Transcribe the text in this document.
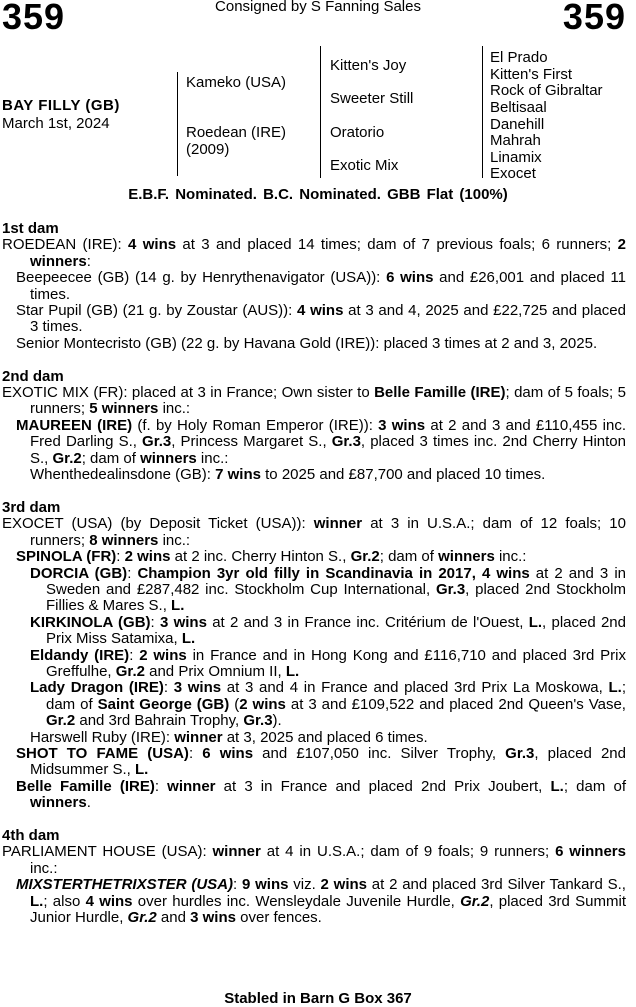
359	Consigned by S Fanning Sales	359
BAY FILLY (GB)
March 1st, 2024
Kameko (USA)
Roedean (IRE)
(2009)
Kitten's Joy
Sweeter Still
Oratorio
Exotic Mix
El Prado
Kitten's First
Rock of Gibraltar
Beltisaal
Danehill
Mahrah
Linamix
Exocet
E.B.F. Nominated. B.C. Nominated. GBB Flat (100%)

1st dam

ROEDEAN (IRE): 4 wins at 3 and placed 14 times; dam of 7 previous foals; 6 runners; 2 winners:

Beepeecee (GB) (14 g. by Henrythenavigator (USA)): 6 wins and £26,001 and placed 11 times.

Star Pupil (GB) (21 g. by Zoustar (AUS)): 4 wins at 3 and 4, 2025 and £22,725 and placed 3 times.

Senior Montecristo (GB) (22 g. by Havana Gold (IRE)): placed 3 times at 2 and 3, 2025.

2nd dam

EXOTIC MIX (FR): placed at 3 in France; Own sister to Belle Famille (IRE); dam of 5 foals; 5 runners; 5 winners inc.:

MAUREEN (IRE) (f. by Holy Roman Emperor (IRE)): 3 wins at 2 and 3 and £110,455 inc. Fred Darling S., Gr.3, Princess Margaret S., Gr.3, placed 3 times inc. 2nd Cherry Hinton S., Gr.2; dam of winners inc.:

Whenthedealinsdone (GB): 7 wins to 2025 and £87,700 and placed 10 times.

3rd dam

EXOCET (USA) (by Deposit Ticket (USA)): winner at 3 in U.S.A.; dam of 12 foals; 10 runners; 8 winners inc.:

SPINOLA (FR): 2 wins at 2 inc. Cherry Hinton S., Gr.2; dam of winners inc.:

DORCIA (GB): Champion 3yr old filly in Scandinavia in 2017, 4 wins at 2 and 3 in Sweden and £287,482 inc. Stockholm Cup International, Gr.3, placed 2nd Stockholm Fillies & Mares S., L.

KIRKINOLA (GB): 3 wins at 2 and 3 in France inc. Critérium de l'Ouest, L., placed 2nd Prix Miss Satamixa, L.

Eldandy (IRE): 2 wins in France and in Hong Kong and £116,710 and placed 3rd Prix Greffulhe, Gr.2 and Prix Omnium II, L.

Lady Dragon (IRE): 3 wins at 3 and 4 in France and placed 3rd Prix La Moskowa, L.; dam of Saint George (GB) (2 wins at 3 and £109,522 and placed 2nd Queen's Vase, Gr.2 and 3rd Bahrain Trophy, Gr.3).

Harswell Ruby (IRE): winner at 3, 2025 and placed 6 times.

SHOT TO FAME (USA): 6 wins and £107,050 inc. Silver Trophy, Gr.3, placed 2nd Midsummer S., L.

Belle Famille (IRE): winner at 3 in France and placed 2nd Prix Joubert, L.; dam of winners.

4th dam

PARLIAMENT HOUSE (USA): winner at 4 in U.S.A.; dam of 9 foals; 9 runners; 6 winners inc.:

MIXSTERTHETRIXSTER (USA): 9 wins viz. 2 wins at 2 and placed 3rd Silver Tankard S., L.; also 4 wins over hurdles inc. Wensleydale Juvenile Hurdle, Gr.2, placed 3rd Summit Junior Hurdle, Gr.2 and 3 wins over fences.

Stabled in Barn G Box 367
